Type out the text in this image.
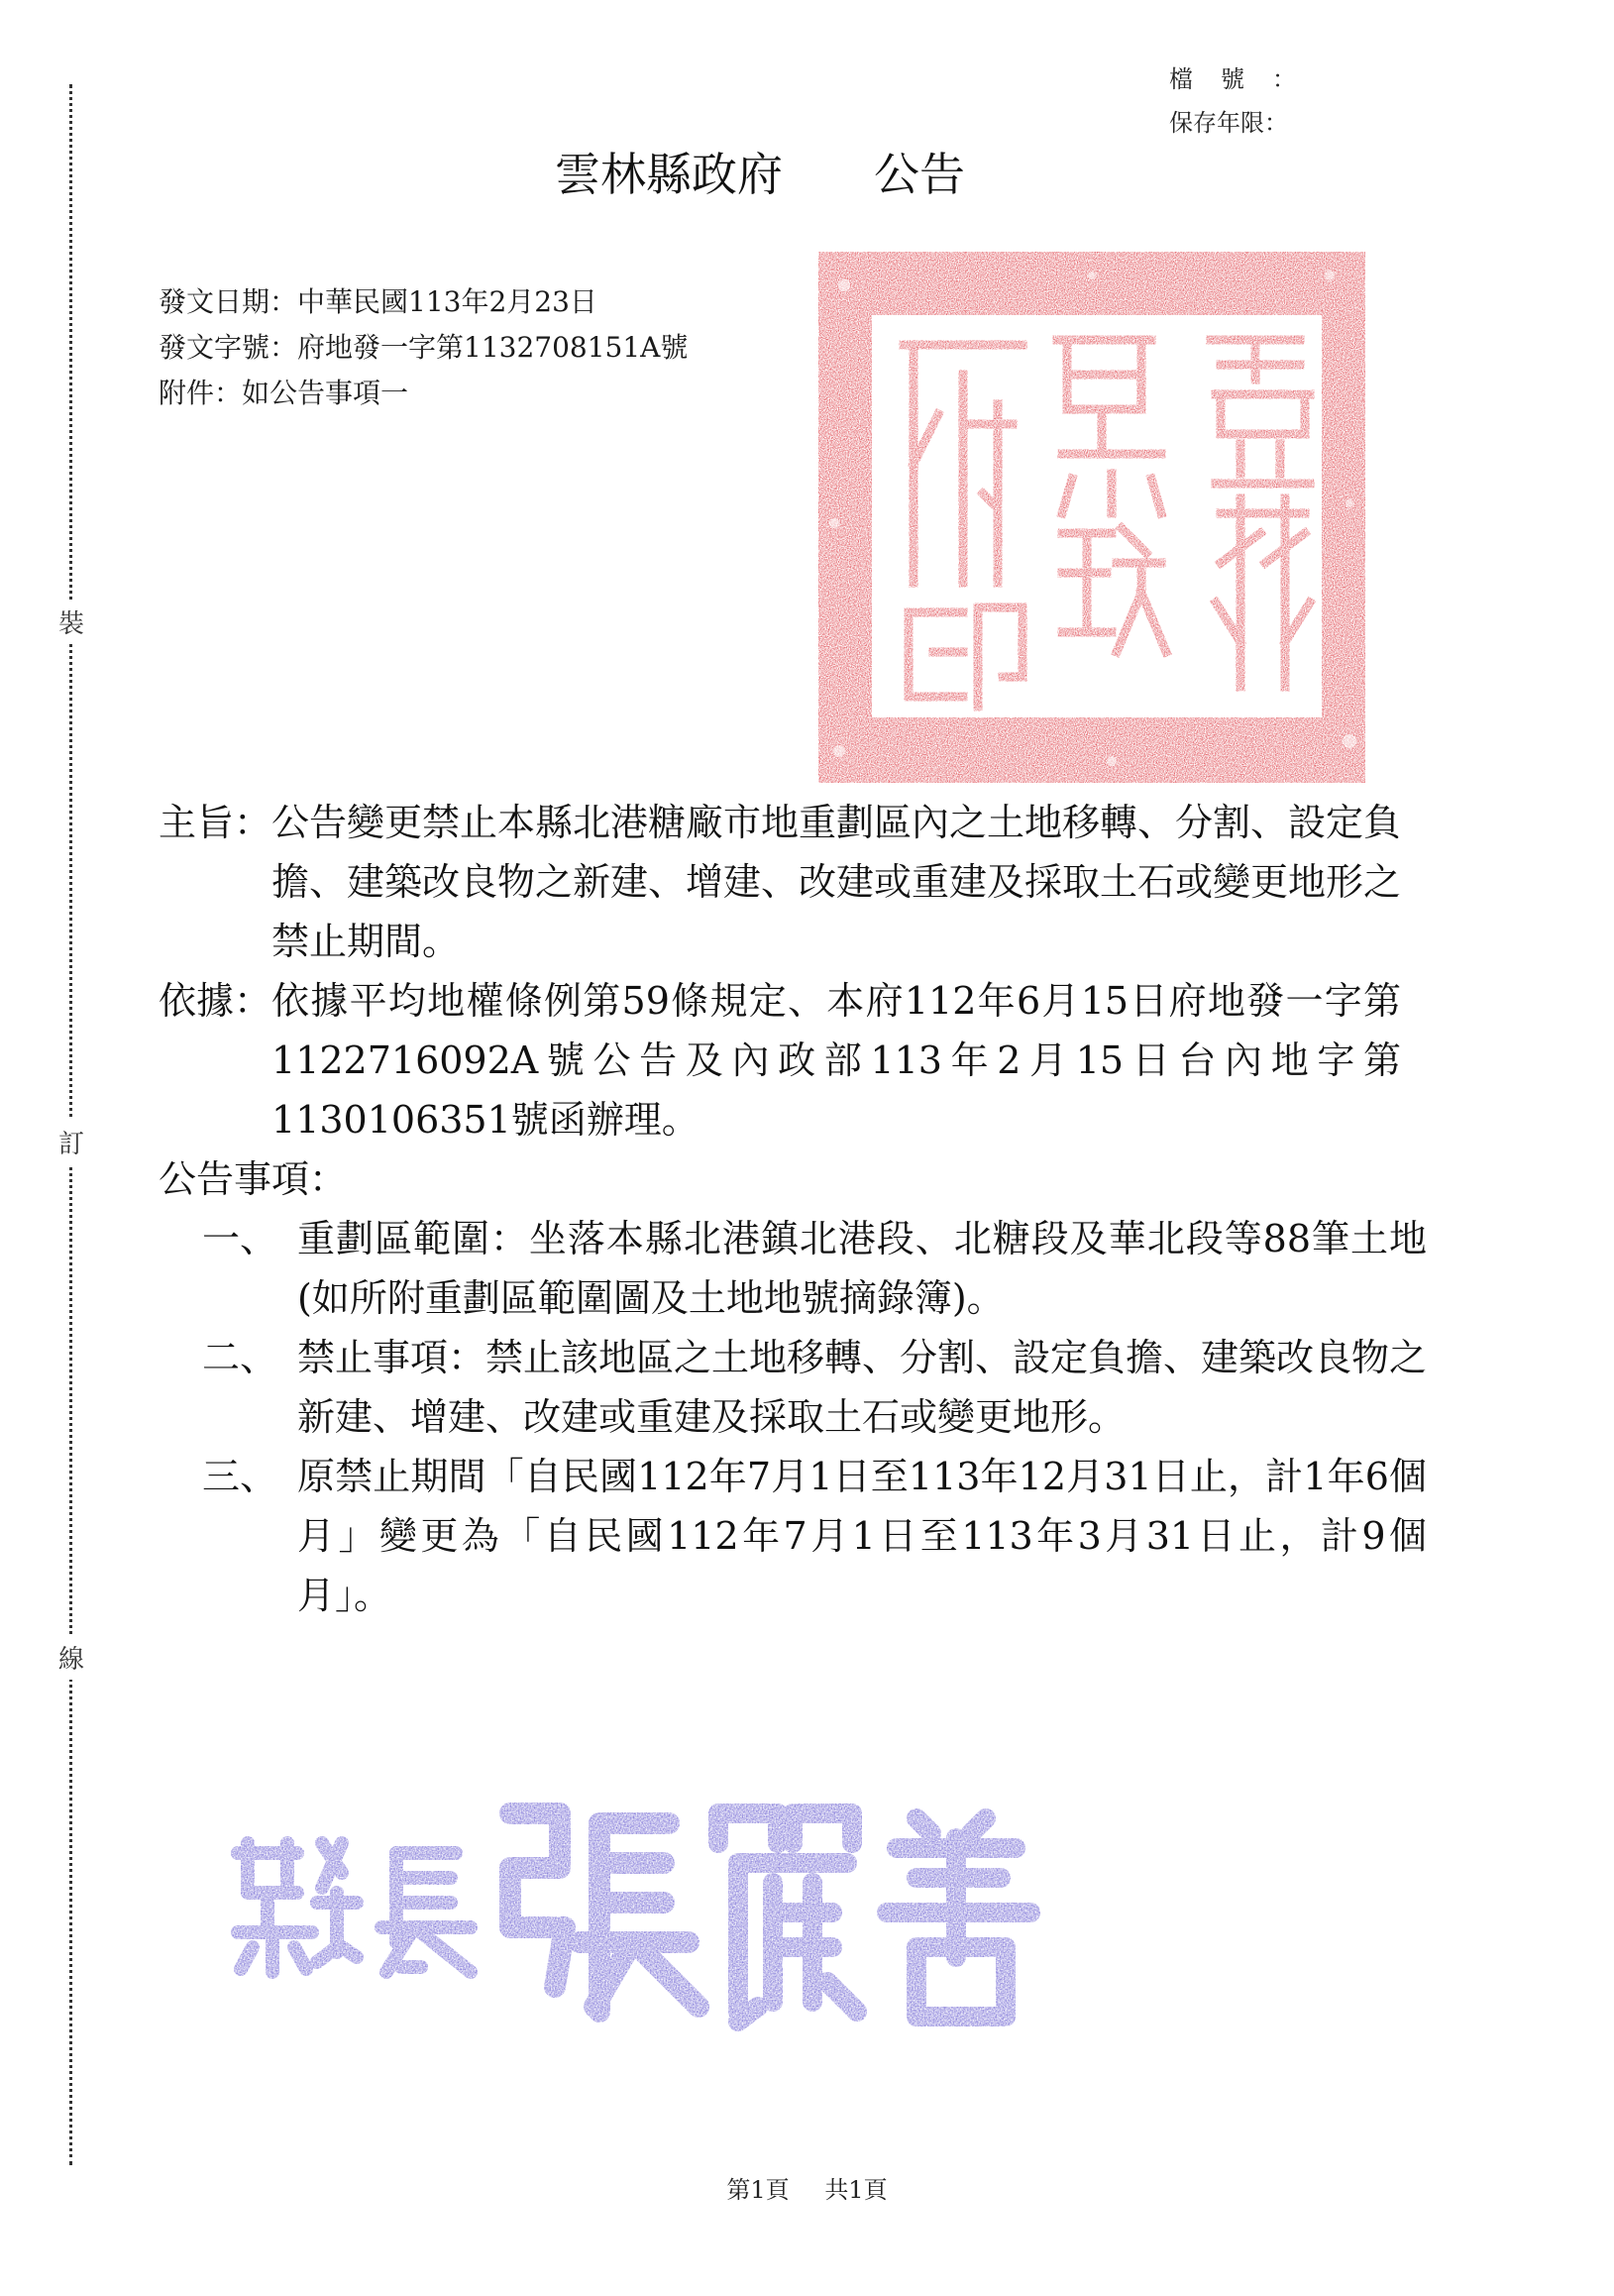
裝
訂
線
檔號 ：
保存年限：
雲林縣政府　　公告
發文日期：中華民國113年2月23日
發文字號：府地發一字第1132708151A號
附件：如公告事項一
主旨： 公告變更禁止本縣北港糖廠市地重劃區內之土地移轉、分割、設定負擔、建築改良物之新建、增建、改建或重建及採取土石或變更地形之禁止期間。
依據： 依據平均地權條例第59條規定、本府112年6月15日府地發一字第1122716092A號公告及內政部113年2月15日台內地字第1130106351號函辦理。
公告事項：
一、 重劃區範圍：坐落本縣北港鎮北港段、北糖段及華北段等88筆土地(如所附重劃區範圍圖及土地地號摘錄簿)。
二、 禁止事項：禁止該地區之土地移轉、分割、設定負擔、建築改良物之新建、增建、改建或重建及採取土石或變更地形。
三、 原禁止期間「自民國112年7月1日至113年12月31日止，計1年6個月」變更為「自民國112年7月1日至113年3月31日止，計9個月」。
縣長張麗善
第1頁 共1頁
